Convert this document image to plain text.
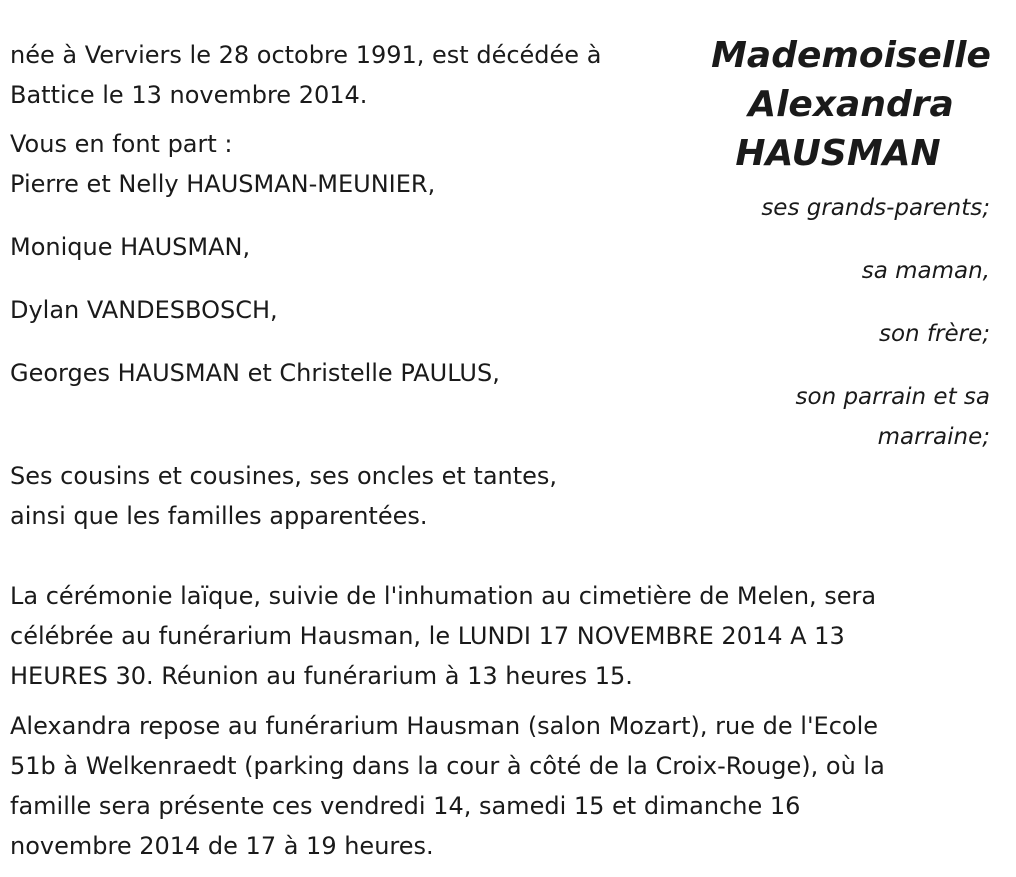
née à Verviers le 28 octobre 1991, est décédée à
Battice le 13 novembre 2014.
Mademoiselle
Alexandra
HAUSMAN
Vous en font part :
Pierre et Nelly HAUSMAN-MEUNIER,
ses grands-parents;
Monique HAUSMAN,
sa maman,
Dylan VANDESBOSCH,
son frère;
Georges HAUSMAN et Christelle PAULUS,
son parrain et sa
marraine;
Ses cousins et cousines, ses oncles et tantes,
ainsi que les familles apparentées.
La cérémonie laïque, suivie de l'inhumation au cimetière de Melen, sera
célébrée au funérarium Hausman, le LUNDI 17 NOVEMBRE 2014 A 13
HEURES 30. Réunion au funérarium à 13 heures 15.
Alexandra repose au funérarium Hausman (salon Mozart), rue de l'Ecole
51b à Welkenraedt (parking dans la cour à côté de la Croix-Rouge), où la
famille sera présente ces vendredi 14, samedi 15 et dimanche 16
novembre 2014 de 17 à 19 heures.
